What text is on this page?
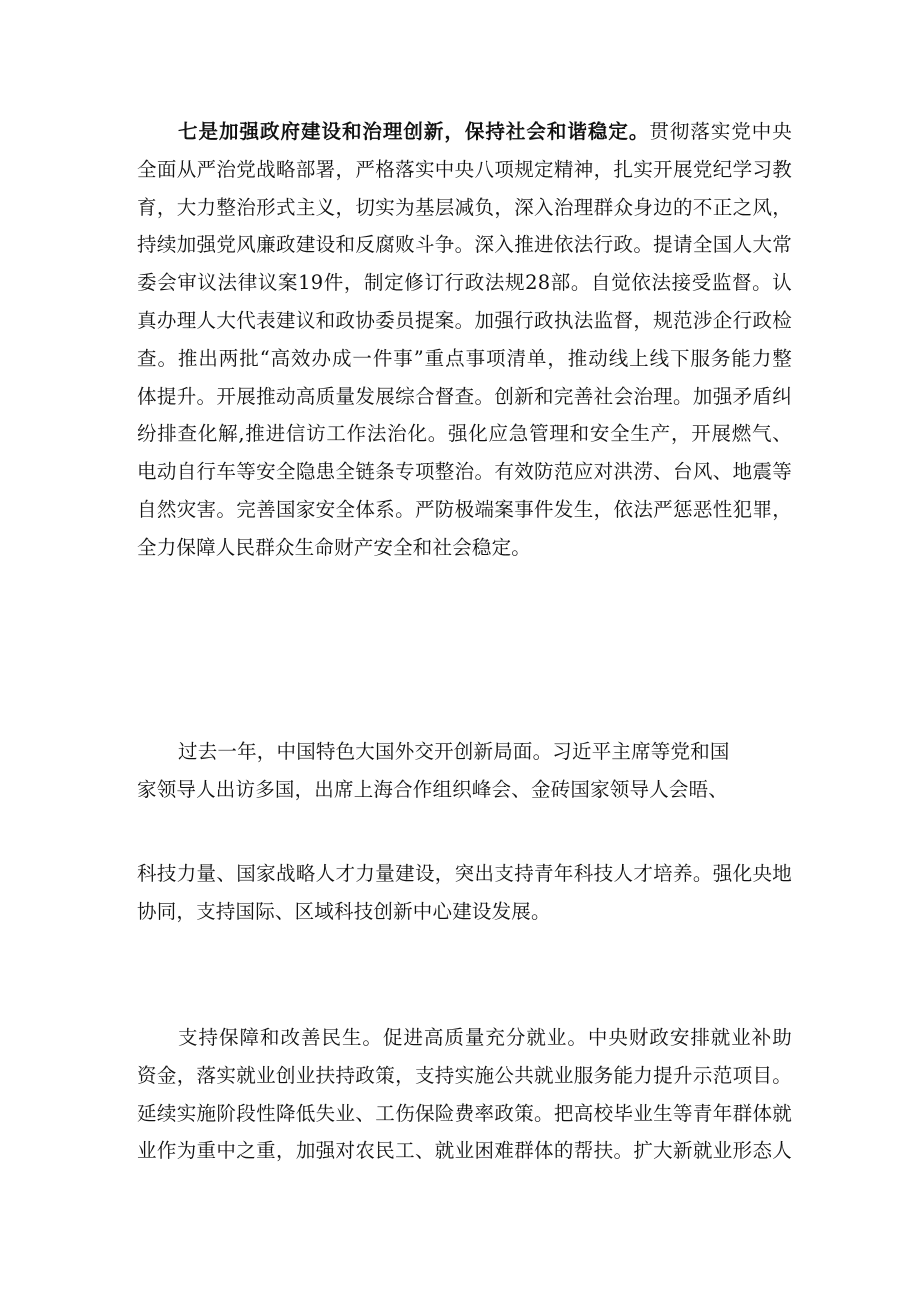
七是加强政府建设和治理创新，保持社会和谐稳定。贯彻落实党中央
全面从严治党战略部署，严格落实中央八项规定精神，扎实开展党纪学习教
育，大力整治形式主义，切实为基层减负，深入治理群众身边的不正之风，
持续加强党风廉政建设和反腐败斗争。深入推进依法行政。提请全国人大常
委会审议法律议案19件，制定修订行政法规28部。自觉依法接受监督。认
真办理人大代表建议和政协委员提案。加强行政执法监督，规范涉企行政检
查。推出两批“高效办成一件事”重点事项清单，推动线上线下服务能力整
体提升。开展推动高质量发展综合督查。创新和完善社会治理。加强矛盾纠
纷排查化解,推进信访工作法治化。强化应急管理和安全生产，开展燃气、
电动自行车等安全隐患全链条专项整治。有效防范应对洪涝、台风、地震等
自然灾害。完善国家安全体系。严防极端案事件发生，依法严惩恶性犯罪，
全力保障人民群众生命财产安全和社会稳定。
过去一年，中国特色大国外交开创新局面。习近平主席等党和国
家领导人出访多国，出席上海合作组织峰会、金砖国家领导人会晤、
科技力量、国家战略人才力量建设，突出支持青年科技人才培养。强化央地
协同，支持国际、区域科技创新中心建设发展。
支持保障和改善民生。促进高质量充分就业。中央财政安排就业补助
资金，落实就业创业扶持政策，支持实施公共就业服务能力提升示范项目。
延续实施阶段性降低失业、工伤保险费率政策。把高校毕业生等青年群体就
业作为重中之重，加强对农民工、就业困难群体的帮扶。扩大新就业形态人
